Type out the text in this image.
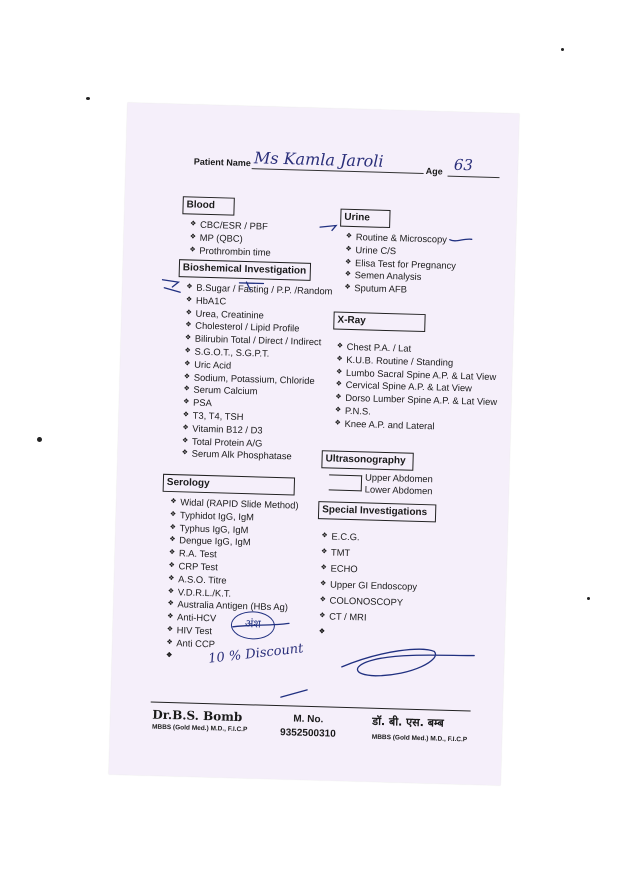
Patient Name Ms Kamla Jaroli
Age 63
Blood
❖ CBC/ESR / PBF
❖ MP (QBC)
❖ Prothrombin time
Bioshemical Investigation
❖ B.Sugar / Fasting / P.P. /Random
❖ HbA1C
❖ Urea, Creatinine
❖ Cholesterol / Lipid Profile
❖ Bilirubin Total / Direct / Indirect
❖ S.G.O.T., S.G.P.T.
❖ Uric Acid
❖ Sodium, Potassium, Chloride
❖ Serum Calcium
❖ PSA
❖ T3, T4, TSH
❖ Vitamin B12 / D3
❖ Total Protein A/G
❖ Serum Alk Phosphatase
Serology
❖ Widal (RAPID Slide Method)
❖ Typhidot IgG, IgM
❖ Typhus IgG, IgM
❖ Dengue IgG, IgM
❖ R.A. Test
❖ CRP Test
❖ A.S.O. Titre
❖ V.D.R.L./K.T.
❖ Australia Antigen (HBs Ag)
❖ Anti-HCV
❖ HIV Test
❖ Anti CCP
❖
❖
❖
Urine
❖ Routine & Microscopy
❖ Urine C/S
❖ Elisa Test for Pregnancy
❖ Semen Analysis
❖ Sputum AFB
X-Ray
❖ Chest P.A. / Lat
❖ K.U.B. Routine / Standing
❖ Lumbo Sacral Spine A.P. & Lat View
❖ Cervical Spine A.P. & Lat View
❖ Dorso Lumber Spine A.P. & Lat View
❖ P.N.S.
❖ Knee A.P. and Lateral
Ultrasonography
Upper Abdomen
Lower Abdomen
Special Investigations
❖ E.C.G.
❖ TMT
❖ ECHO
❖ Upper GI Endoscopy
❖ COLONOSCOPY
❖ CT / MRI
❖
❖
अंश
10 % Discount
Dr.B.S. Bomb
MBBS (Gold Med.) M.D., F.I.C.P
M. No.
9352500310
डॉ. बी. एस. बम्ब
MBBS (Gold Med.) M.D., F.I.C.P
